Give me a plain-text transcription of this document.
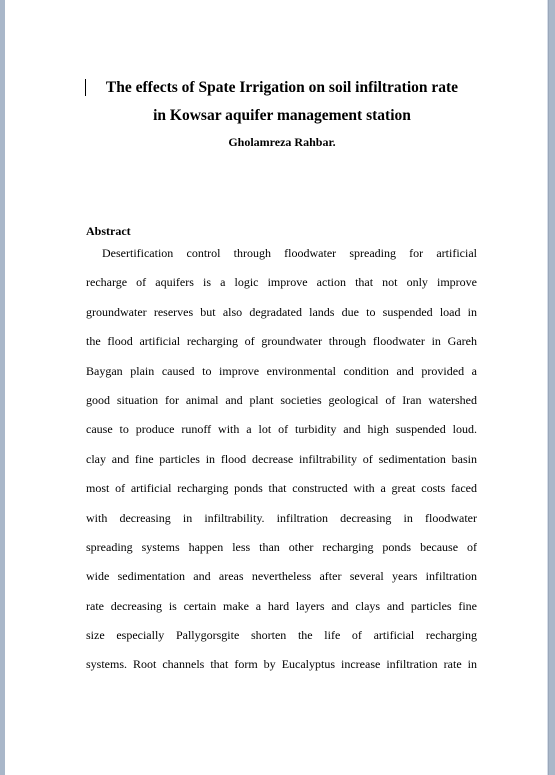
The effects of Spate Irrigation on soil infiltration rate
in Kowsar aquifer management station
Gholamreza Rahbar.
Abstract
Desertification control through floodwater spreading for artificial
recharge of aquifers is a logic improve action that not only improve
groundwater reserves but also degradated lands due to suspended load in
the flood artificial recharging of groundwater through floodwater in Gareh
Baygan plain caused to improve environmental condition and provided a
good situation for animal and plant societies geological of Iran watershed
cause to produce runoff with a lot of turbidity and high suspended loud.
clay and fine particles in flood decrease infiltrability of sedimentation basin
most of artificial recharging ponds that constructed with a great costs faced
with decreasing in infiltrability. infiltration decreasing in floodwater
spreading systems happen less than other recharging ponds because of
wide sedimentation and areas nevertheless after several years infiltration
rate decreasing is certain make a hard layers and clays and particles fine
size especially Pallygorsgite shorten the life of artificial recharging
systems. Root channels that form by Eucalyptus increase infiltration rate in
